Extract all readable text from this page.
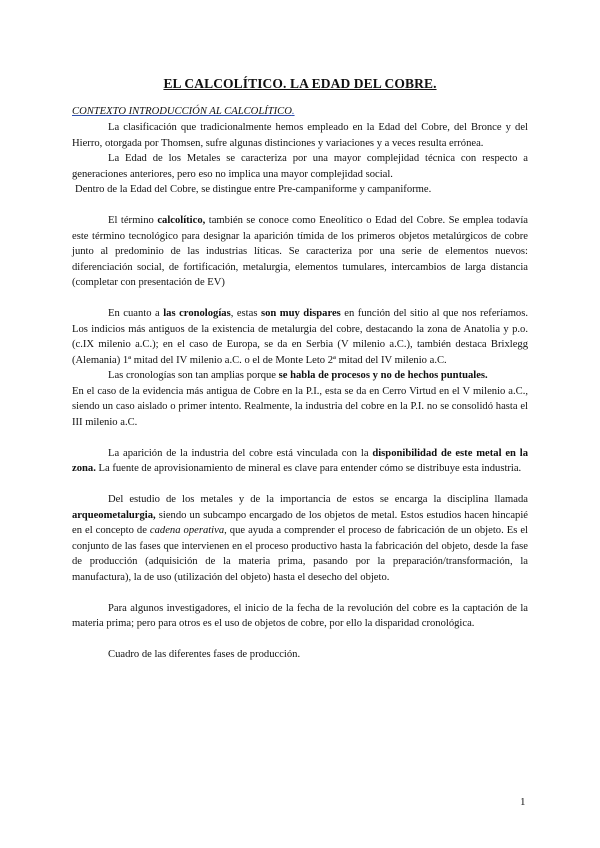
EL CALCOLÍTICO. LA EDAD DEL COBRE.
CONTEXTO INTRODUCCIÓN AL CALCOLÍTICO.

La clasificación que tradicionalmente hemos empleado en la Edad del Cobre, del Bronce y del Hierro, otorgada por Thomsen, sufre algunas distinciones y variaciones y a veces resulta errónea.

La Edad de los Metales se caracteriza por una mayor complejidad técnica con respecto a generaciones anteriores, pero eso no implica una mayor complejidad social.

Dentro de la Edad del Cobre, se distingue entre Pre-campaniforme y campaniforme.

El término calcolítico, también se conoce como Eneolítico o Edad del Cobre. Se emplea todavía este término tecnológico para designar la aparición tímida de los primeros objetos metalúrgicos de cobre junto al predominio de las industrias líticas. Se caracteriza por una serie de elementos nuevos: diferenciación social, de fortificación, metalurgia, elementos tumulares, intercambios de larga distancia (completar con presentación de EV)

En cuanto a las cronologías, estas son muy dispares en función del sitio al que nos referíamos. Los indicios más antiguos de la existencia de metalurgia del cobre, destacando la zona de Anatolia y p.o. (c.IX milenio a.C.); en el caso de Europa, se da en Serbia (V milenio a.C.), también destaca Brixlegg (Alemania) 1ª mitad del IV milenio a.C. o el de Monte Leto 2ª mitad del IV milenio a.C.

Las cronologías son tan amplias porque se habla de procesos y no de hechos puntuales.

En el caso de la evidencia más antigua de Cobre en la P.I., esta se da en Cerro Virtud en el V milenio a.C., siendo un caso aislado o primer intento. Realmente, la industria del cobre en la P.I. no se consolidó hasta el III milenio a.C.

La aparición de la industria del cobre está vinculada con la disponibilidad de este metal en la zona. La fuente de aprovisionamiento de mineral es clave para entender cómo se distribuye esta industria.

Del estudio de los metales y de la importancia de estos se encarga la disciplina llamada arqueometalurgia, siendo un subcampo encargado de los objetos de metal. Estos estudios hacen hincapié en el concepto de cadena operativa, que ayuda a comprender el proceso de fabricación de un objeto. Es el conjunto de las fases que intervienen en el proceso productivo hasta la fabricación del objeto, desde la fase de producción (adquisición de la materia prima, pasando por la preparación/transformación, la manufactura), la de uso (utilización del objeto) hasta el desecho del objeto.

Para algunos investigadores, el inicio de la fecha de la revolución del cobre es la captación de la materia prima; pero para otros es el uso de objetos de cobre, por ello la disparidad cronológica.

Cuadro de las diferentes fases de producción.

1
